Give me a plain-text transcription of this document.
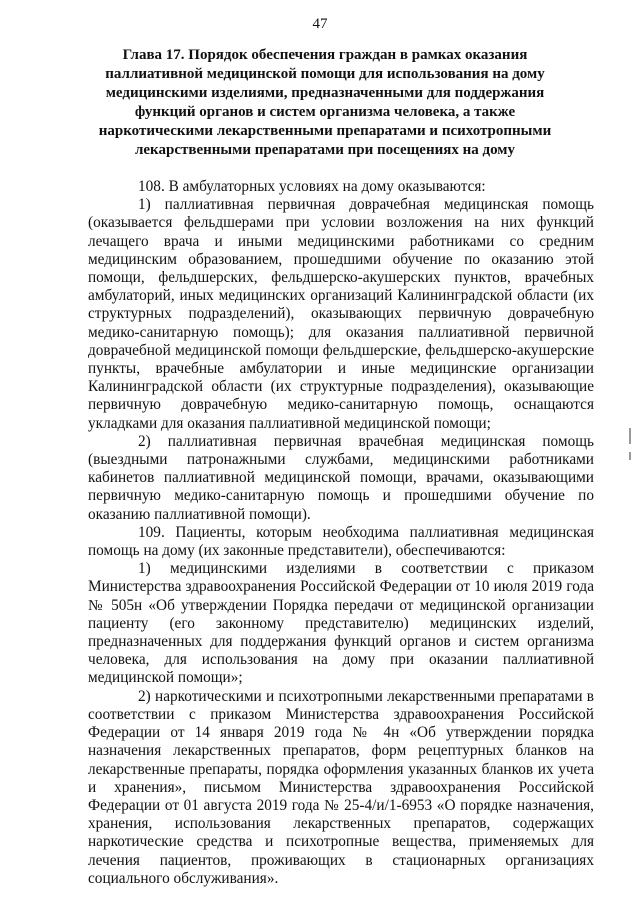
47
Глава 17. Порядок обеспечения граждан в рамках оказания паллиативной медицинской помощи для использования на дому медицинскими изделиями, предназначенными для поддержания функций органов и систем организма человека, а также наркотическими лекарственными препаратами и психотропными лекарственными препаратами при посещениях на дому

108. В амбулаторных условиях на дому оказываются:

1) паллиативная первичная доврачебная медицинская помощь (оказывается фельдшерами при условии возложения на них функций лечащего врача и иными медицинскими работниками со средним медицинским образованием, прошедшими обучение по оказанию этой помощи, фельдшерских, фельдшерско-акушерских пунктов, врачебных амбулаторий, иных медицинских организаций Калининградской области (их структурных подразделений), оказывающих первичную доврачебную медико-санитарную помощь); для оказания паллиативной первичной доврачебной медицинской помощи фельдшерские, фельдшерско-акушерские пункты, врачебные амбулатории и иные медицинские организации Калининградской области (их структурные подразделения), оказывающие первичную доврачебную медико-санитарную помощь, оснащаются укладками для оказания паллиативной медицинской помощи;

2) паллиативная первичная врачебная медицинская помощь (выездными патронажными службами, медицинскими работниками кабинетов паллиативной медицинской помощи, врачами, оказывающими первичную медико-санитарную помощь и прошедшими обучение по оказанию паллиативной помощи).

109. Пациенты, которым необходима паллиативная медицинская помощь на дому (их законные представители), обеспечиваются:

1) медицинскими изделиями в соответствии с приказом Министерства здравоохранения Российской Федерации от 10 июля 2019 года № 505н «Об утверждении Порядка передачи от медицинской организации пациенту (его законному представителю) медицинских изделий, предназначенных для поддержания функций органов и систем организма человека, для использования на дому при оказании паллиативной медицинской помощи»;

2) наркотическими и психотропными лекарственными препаратами в соответствии с приказом Министерства здравоохранения Российской Федерации от 14 января 2019 года № 4н «Об утверждении порядка назначения лекарственных препаратов, форм рецептурных бланков на лекарственные препараты, порядка оформления указанных бланков их учета и хранения», письмом Министерства здравоохранения Российской Федерации от 01 августа 2019 года № 25-4/и/1-6953 «О порядке назначения, хранения, использования лекарственных препаратов, содержащих наркотические средства и психотропные вещества, применяемых для лечения пациентов, проживающих в стационарных организациях социального обслуживания».
